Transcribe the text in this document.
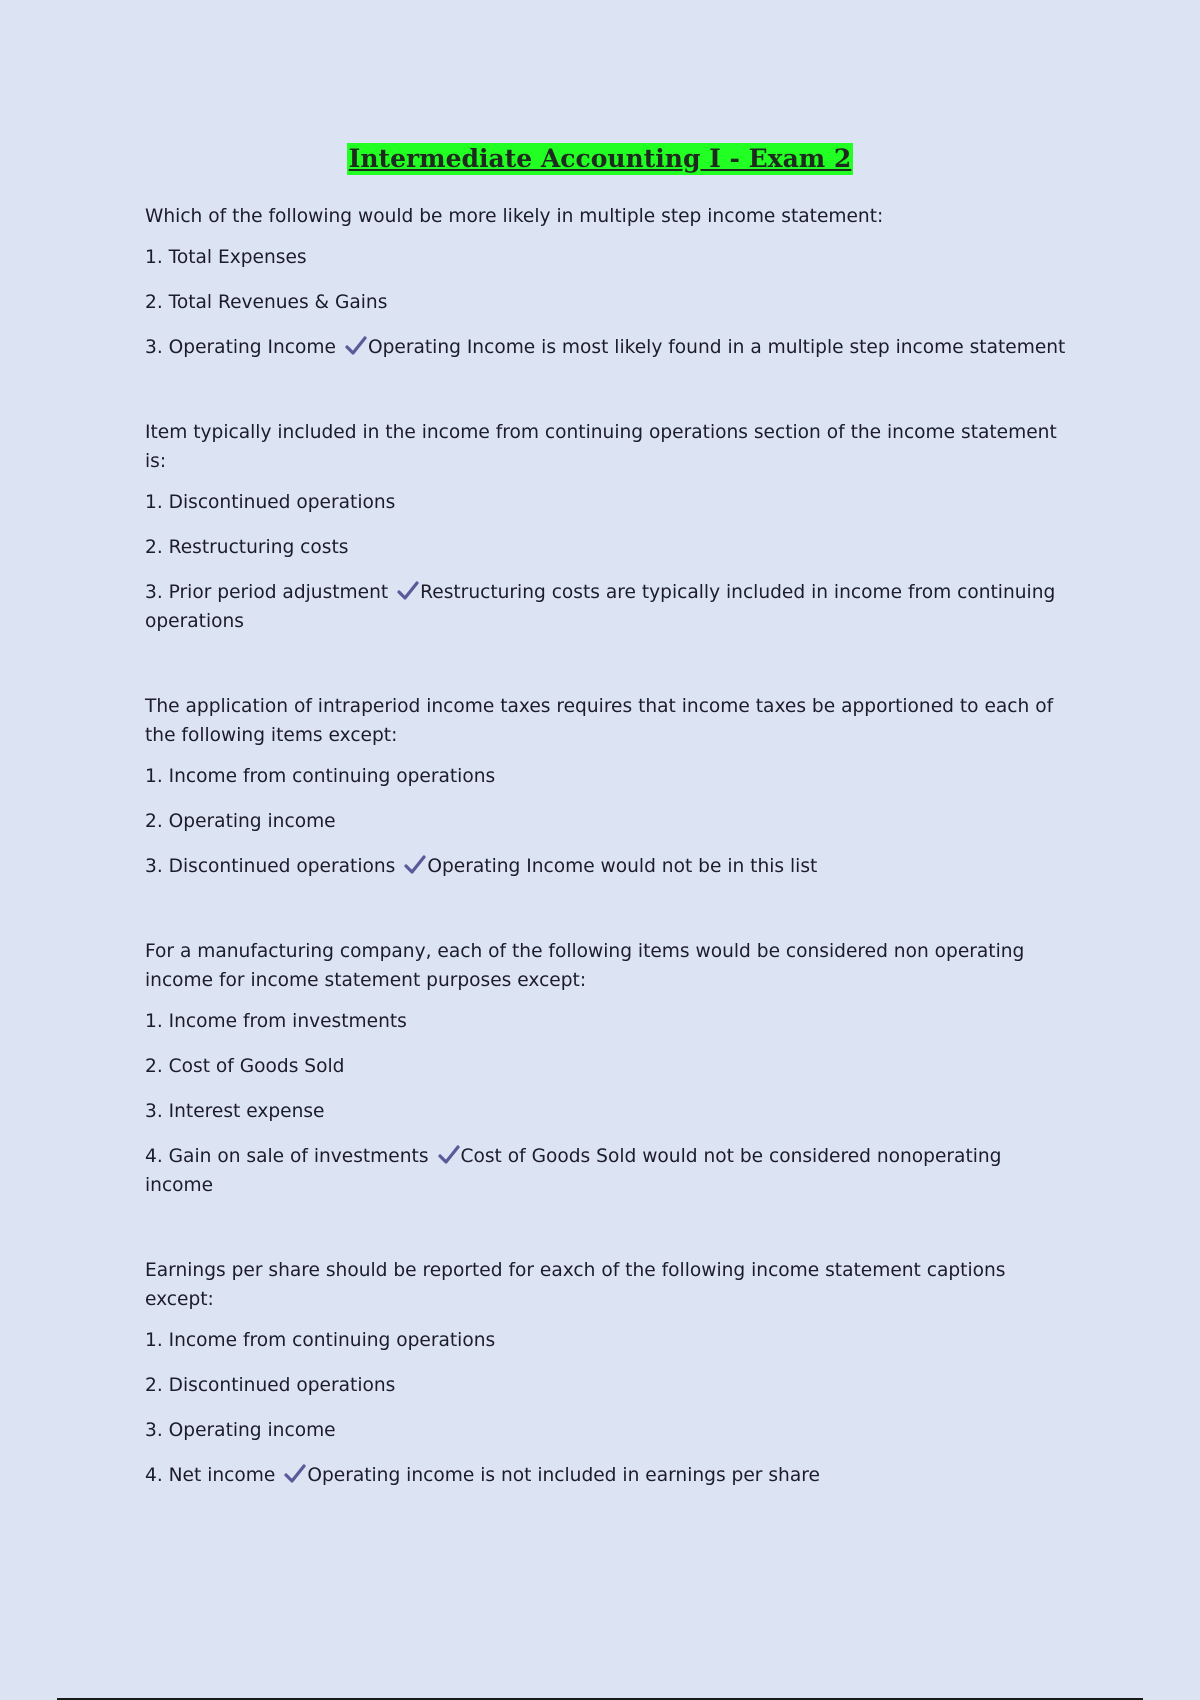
Intermediate Accounting I - Exam 2
Which of the following would be more likely in multiple step income statement:
1. Total Expenses
2. Total Revenues & Gains
3. Operating Income Operating Income is most likely found in a multiple step income statement
Item typically included in the income from continuing operations section of the income statement is:
1. Discontinued operations
2. Restructuring costs
3. Prior period adjustment Restructuring costs are typically included in income from continuing operations
The application of intraperiod income taxes requires that income taxes be apportioned to each of the following items except:
1. Income from continuing operations
2. Operating income
3. Discontinued operations Operating Income would not be in this list
For a manufacturing company, each of the following items would be considered non operating income for income statement purposes except:
1. Income from investments
2. Cost of Goods Sold
3. Interest expense
4. Gain on sale of investments Cost of Goods Sold would not be considered nonoperating income
Earnings per share should be reported for eaxch of the following income statement captions except:
1. Income from continuing operations
2. Discontinued operations
3. Operating income
4. Net income Operating income is not included in earnings per share
